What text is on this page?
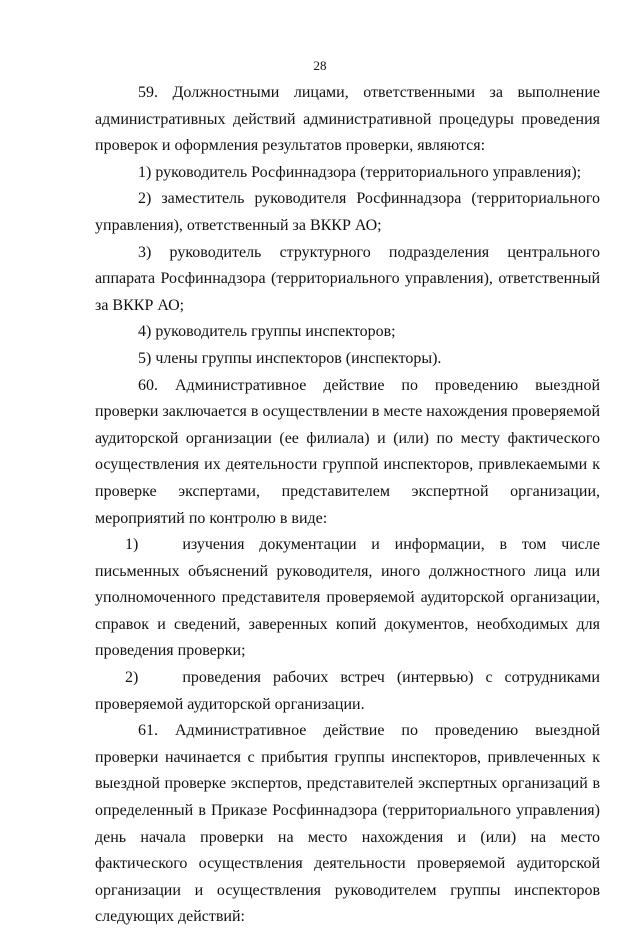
28

59. Должностными лицами, ответственными за выполнение административных действий административной процедуры проведения проверок и оформления результатов проверки, являются:

1) руководитель Росфиннадзора (территориального управления);

2) заместитель руководителя Росфиннадзора (территориального управления), ответственный за ВККР АО;

3) руководитель структурного подразделения центрального аппарата Росфиннадзора (территориального управления), ответственный за ВККР АО;

4) руководитель группы инспекторов;

5) члены группы инспекторов (инспекторы).

60. Административное действие по проведению выездной проверки заключается в осуществлении в месте нахождения проверяемой аудиторской организации (ее филиала) и (или) по месту фактического осуществления их деятельности группой инспекторов, привлекаемыми к проверке экспертами, представителем экспертной организации, мероприятий по контролю в виде:

1)	изучения документации и информации, в том числе письменных объяснений руководителя, иного должностного лица или уполномоченного представителя проверяемой аудиторской организации, справок и сведений, заверенных копий документов, необходимых для проведения проверки;

2)	проведения рабочих встреч (интервью) с сотрудниками проверяемой аудиторской организации.

61. Административное действие по проведению выездной проверки начинается с прибытия группы инспекторов, привлеченных к выездной проверке экспертов, представителей экспертных организаций в определенный в Приказе Росфиннадзора (территориального управления) день начала проверки на место нахождения и (или) на место фактического осуществления деятельности проверяемой аудиторской организации и осуществления руководителем группы инспекторов следующих действий:
